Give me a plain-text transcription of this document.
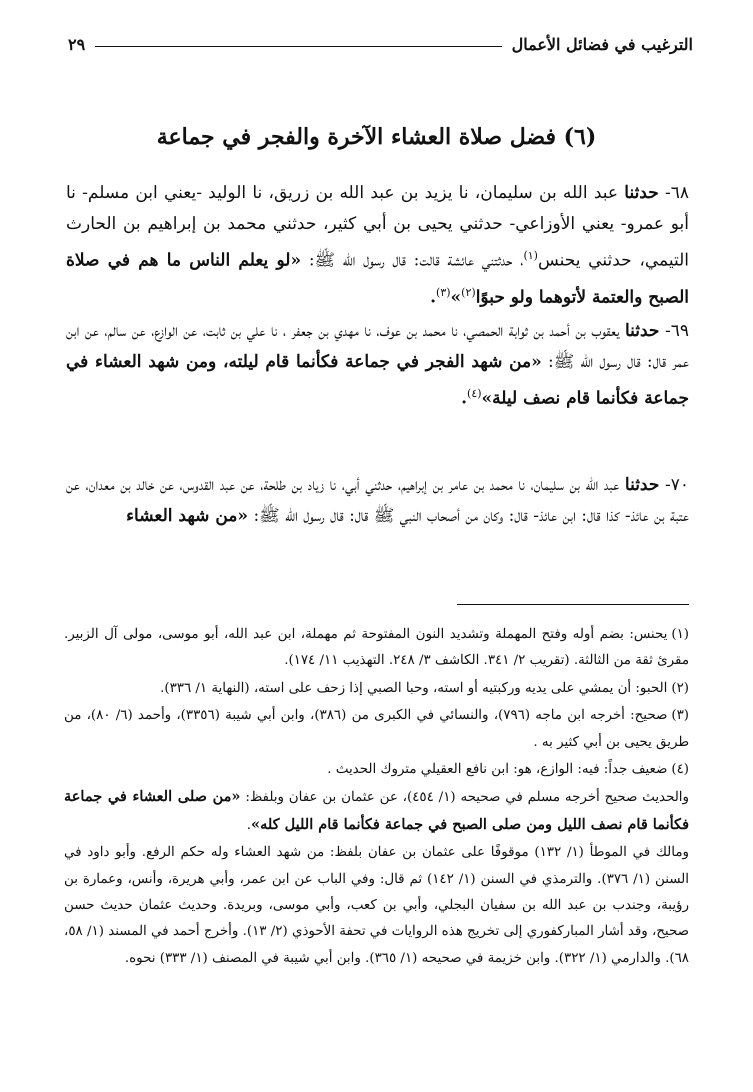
الترغيب في فضائل الأعمال
٢٩
(٦) فضل صلاة العشاء الآخرة والفجر في جماعة
٦٨- حدثنا عبد الله بن سليمان، نا يزيد بن عبد الله بن زريق، نا الوليد -يعني ابن مسلم- نا أبو عمرو- يعني الأوزاعي- حدثني يحيى بن أبي كثير، حدثني محمد بن إبراهيم بن الحارث التيمي، حدثني يحنس$^{(١)}$، حدثتني عائشة قالت: قال رسول الله ﷺ: «لو يعلم الناس ما هم في صلاة الصبح والعتمة لأتوهما ولو حبوًا$^{(٢)}$»$^{(٣)}$.
٦٩- حدثنا يعقوب بن أحمد بن ثوابة الحمصي، نا محمد بن عوف، نا مهدي بن جعفر ، نا علي بن ثابت، عن الوازع، عن سالم، عن ابن عمر قال: قال رسول الله ﷺ: «من شهد الفجر في جماعة فكأنما قام ليلته، ومن شهد العشاء في جماعة فكأنما قام نصف ليلة»$^{(٤)}$.
٧٠- حدثنا عبد الله بن سليمان، نا محمد بن عامر بن إبراهيم، حدثني أبي، نا زياد بن طلحة، عن عبد القدوس، عن خالد بن معدان، عن عتبة بن عائذ- كذا قال: ابن عائذ- قال: وكان من أصحاب النبي ﷺ قال: قال رسول الله ﷺ: «من شهد العشاء
(١)يحنس: بضم أوله وفتح المهملة وتشديد النون المفتوحة ثم مهملة، ابن عبد الله، أبو موسى، مولى آل الزبير. مقرئ ثقة من الثالثة. (تقريب ٢/ ٣٤١. الكاشف ٣/ ٢٤٨. التهذيب ١١/ ١٧٤).
(٢)الحبو: أن يمشي على يديه وركبتيه أو استه، وحبا الصبي إذا زحف على استه، (النهاية ١/ ٣٣٦).
(٣)صحيح: أخرجه ابن ماجه (٧٩٦)، والنسائي في الكبرى من (٣٨٦)، وابن أبي شيبة (٣٣٥٦)، وأحمد (٦/ ٨٠)، من طريق يحيى بن أبي كثير به .
(٤)ضعيف جداً: فيه: الوازع، هو: ابن نافع العقيلي متروك الحديث .
والحديث صحيح أخرجه مسلم في صحيحه (١/ ٤٥٤)، عن عثمان بن عفان وبلفظ: «من صلى العشاء في جماعة فكأنما قام نصف الليل ومن صلى الصبح في جماعة فكأنما قام الليل كله».
ومالك في الموطأ (١/ ١٣٢) موقوفًا على عثمان بن عفان بلفظ: من شهد العشاء وله حكم الرفع. وأبو داود في السنن (١/ ٣٧٦). والترمذي في السنن (١/ ١٤٢) ثم قال: وفي الباب عن ابن عمر، وأبي هريرة، وأنس، وعمارة بن رؤيبة، وجندب بن عبد الله بن سفيان البجلي، وأبي بن كعب، وأبي موسى، وبريدة. وحديث عثمان حديث حسن صحيح، وقد أشار المباركفوري إلى تخريج هذه الروايات في تحفة الأحوذي (٢/ ١٣). وأخرج أحمد في المسند (١/ ٥٨، ٦٨). والدارمي (١/ ٣٢٢). وابن خزيمة في صحيحه (١/ ٣٦٥). وابن أبي شيبة في المصنف (١/ ٣٣٣) نحوه.
